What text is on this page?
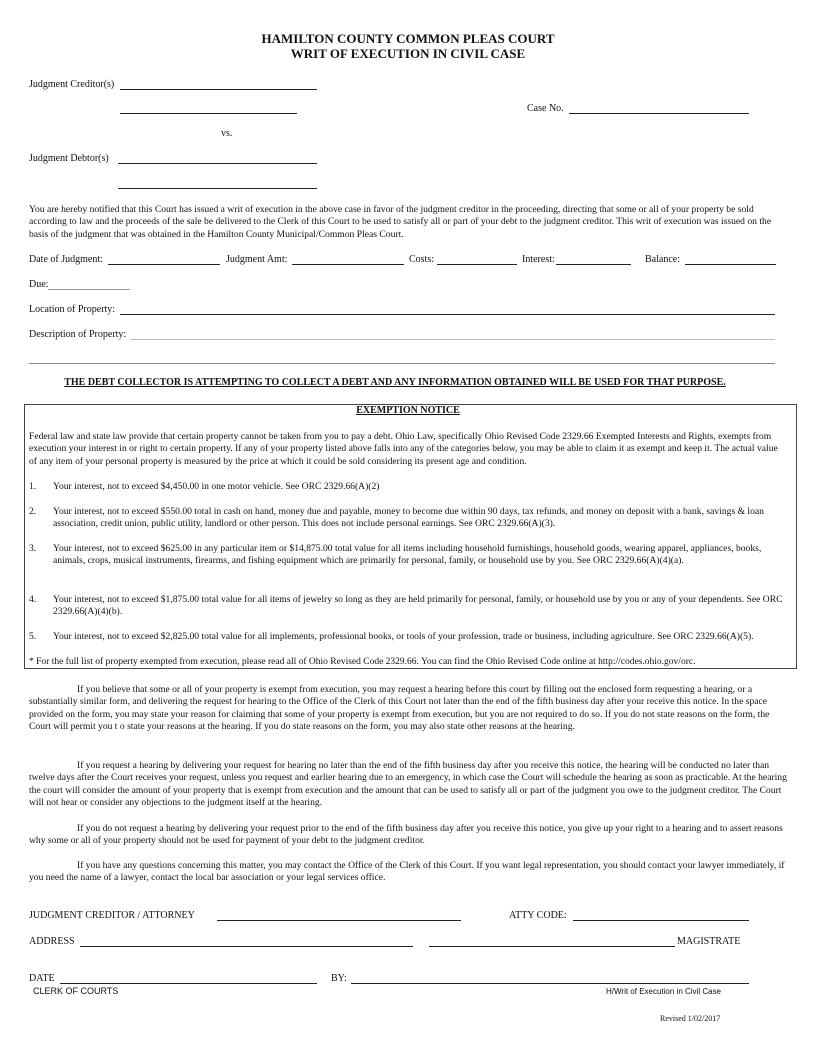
HAMILTON COUNTY COMMON PLEAS COURT
WRIT OF EXECUTION IN CIVIL CASE
Judgment Creditor(s)
Case No.
vs.
Judgment Debtor(s)
You are hereby notified that this Court has issued a writ of execution in the above case in favor of the judgment creditor in the proceeding, directing that some or all of your property be sold according to law and the proceeds of the sale be delivered to the Clerk of this Court to be used to satisfy all or part of your debt to the judgment creditor. This writ of execution was issued on the basis of the judgment that was obtained in the Hamilton County Municipal/Common Pleas Court.
Date of Judgment:	Judgment Amt:	Costs:	Interest:	Balance:
Due:
Location of Property:
Description of Property:
THE DEBT COLLECTOR IS ATTEMPTING TO COLLECT A DEBT AND ANY INFORMATION OBTAINED WILL BE USED FOR THAT PURPOSE.
EXEMPTION NOTICE
Federal law and state law provide that certain property cannot be taken from you to pay a debt. Ohio Law, specifically Ohio Revised Code 2329.66 Exempted Interests and Rights, exempts from execution your interest in or right to certain property. If any of your property listed above falls into any of the categories below, you may be able to claim it as exempt and keep it. The actual value of any item of your personal property is measured by the price at which it could be sold considering its present age and condition.
1. Your interest, not to exceed $4,450.00 in one motor vehicle. See ORC 2329.66(A)(2)
2. Your interest, not to exceed $550.00 total in cash on hand, money due and payable, money to become due within 90 days, tax refunds, and money on deposit with a bank, savings & loan association, credit union, public utility, landlord or other person. This does not include personal earnings. See ORC 2329.66(A)(3).
3. Your interest, not to exceed $625.00 in any particular item or $14,875.00 total value for all items including household furnishings, household goods, wearing apparel, appliances, books, animals, crops, musical instruments, firearms, and fishing equipment which are primarily for personal, family, or household use by you. See ORC 2329.66(A)(4)(a).
4. Your interest, not to exceed $1,875.00 total value for all items of jewelry so long as they are held primarily for personal, family, or household use by you or any of your dependents. See ORC 2329.66(A)(4)(b).
5. Your interest, not to exceed $2,825.00 total value for all implements, professional books, or tools of your profession, trade or business, including agriculture. See ORC 2329.66(A)(5).
* For the full list of property exempted from execution, please read all of Ohio Revised Code 2329.66. You can find the Ohio Revised Code online at http://codes.ohio.gov/orc.
If you believe that some or all of your property is exempt from execution, you may request a hearing before this court by filling out the enclosed form requesting a hearing, or a substantially similar form, and delivering the request for hearing to the Office of the Clerk of this Court not later than the end of the fifth business day after your receive this notice. In the space provided on the form, you may state your reason for claiming that some of your property is exempt from execution, but you are not required to do so. If you do not state reasons on the form, the Court will permit you t o state your reasons at the hearing. If you do state reasons on the form, you may also state other reasons at the hearing.
If you request a hearing by delivering your request for hearing no later than the end of the fifth business day after you receive this notice, the hearing will be conducted no later than twelve days after the Court receives your request, unless you request and earlier hearing due to an emergency, in which case the Court will schedule the hearing as soon as practicable. At the hearing the court will consider the amount of your property that is exempt from execution and the amount that can be used to satisfy all or part of the judgment you owe to the judgment creditor. The Court will not hear or consider any objections to the judgment itself at the hearing.
If you do not request a hearing by delivering your request prior to the end of the fifth business day after you receive this notice, you give up your right to a hearing and to assert reasons why some or all of your property should not be used for payment of your debt to the judgment creditor.
If you have any questions concerning this matter, you may contact the Office of the Clerk of this Court. If you want legal representation, you should contact your lawyer immediately, if you need the name of a lawyer, contact the local bar association or your legal services office.
JUDGMENT CREDITOR / ATTORNEY	ATTY CODE:
ADDRESS	MAGISTRATE
DATE	BY:
CLERK OF COURTS	H/Writ of Execution in Civil Case
Revised 1/02/2017
